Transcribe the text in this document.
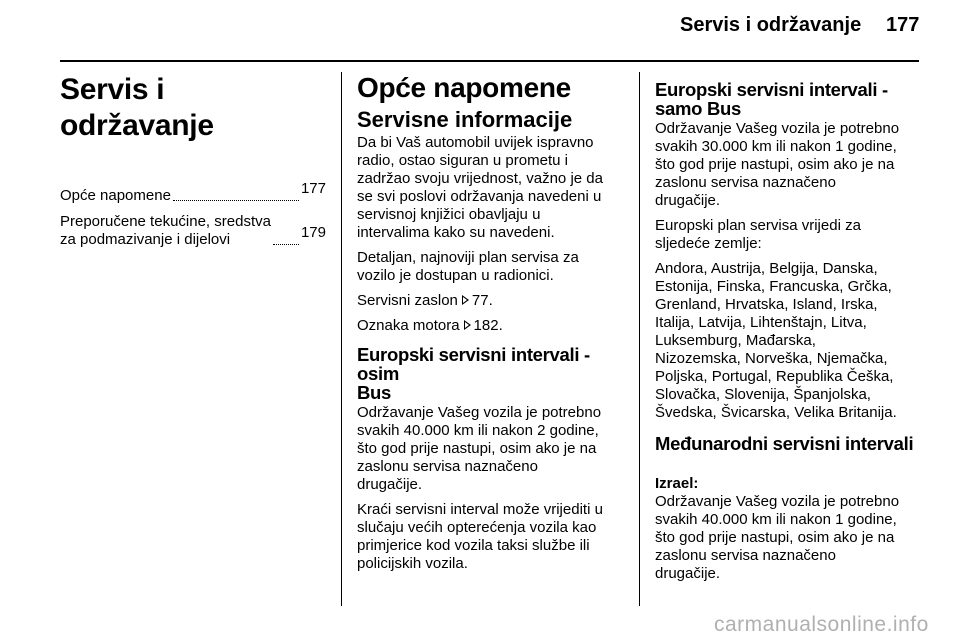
Servis i održavanje 177
Servis i održavanje
Opće napomene	177
Preporučene tekućine, sredstva
za podmazivanje i dijelovi	179
Opće napomene
Servisne informacije

Da bi Vaš automobil uvijek ispravno
radio, ostao siguran u prometu i
zadržao svoju vrijednost, važno je da
se svi poslovi održavanja navedeni u
servisnoj knjižici obavljaju u
intervalima kako su navedeni.

Detaljan, najnoviji plan servisa za
vozilo je dostupan u radionici.

Servisni zaslon 77.

Oznaka motora 182.

Europski servisni intervali - osim
Bus

Održavanje Vašeg vozila je potrebno
svakih 40.000 km ili nakon 2 godine,
što god prije nastupi, osim ako je na
zaslonu servisa naznačeno
drugačije.

Kraći servisni interval može vrijediti u
slučaju većih opterećenja vozila kao
primjerice kod vozila taksi službe ili
policijskih vozila.

Europski servisni intervali -
samo Bus

Održavanje Vašeg vozila je potrebno
svakih 30.000 km ili nakon 1 godine,
što god prije nastupi, osim ako je na
zaslonu servisa naznačeno
drugačije.

Europski plan servisa vrijedi za
sljedeće zemlje:

Andora, Austrija, Belgija, Danska,
Estonija, Finska, Francuska, Grčka,
Grenland, Hrvatska, Island, Irska,
Italija, Latvija, Lihtenštajn, Litva,
Luksemburg, Mađarska,
Nizozemska, Norveška, Njemačka,
Poljska, Portugal, Republika Češka,
Slovačka, Slovenija, Španjolska,
Švedska, Švicarska, Velika Britanija.

Međunarodni servisni intervali
Izrael:

Održavanje Vašeg vozila je potrebno
svakih 40.000 km ili nakon 1 godine,
što god prije nastupi, osim ako je na
zaslonu servisa naznačeno
drugačije.

carmanualsonline.info
